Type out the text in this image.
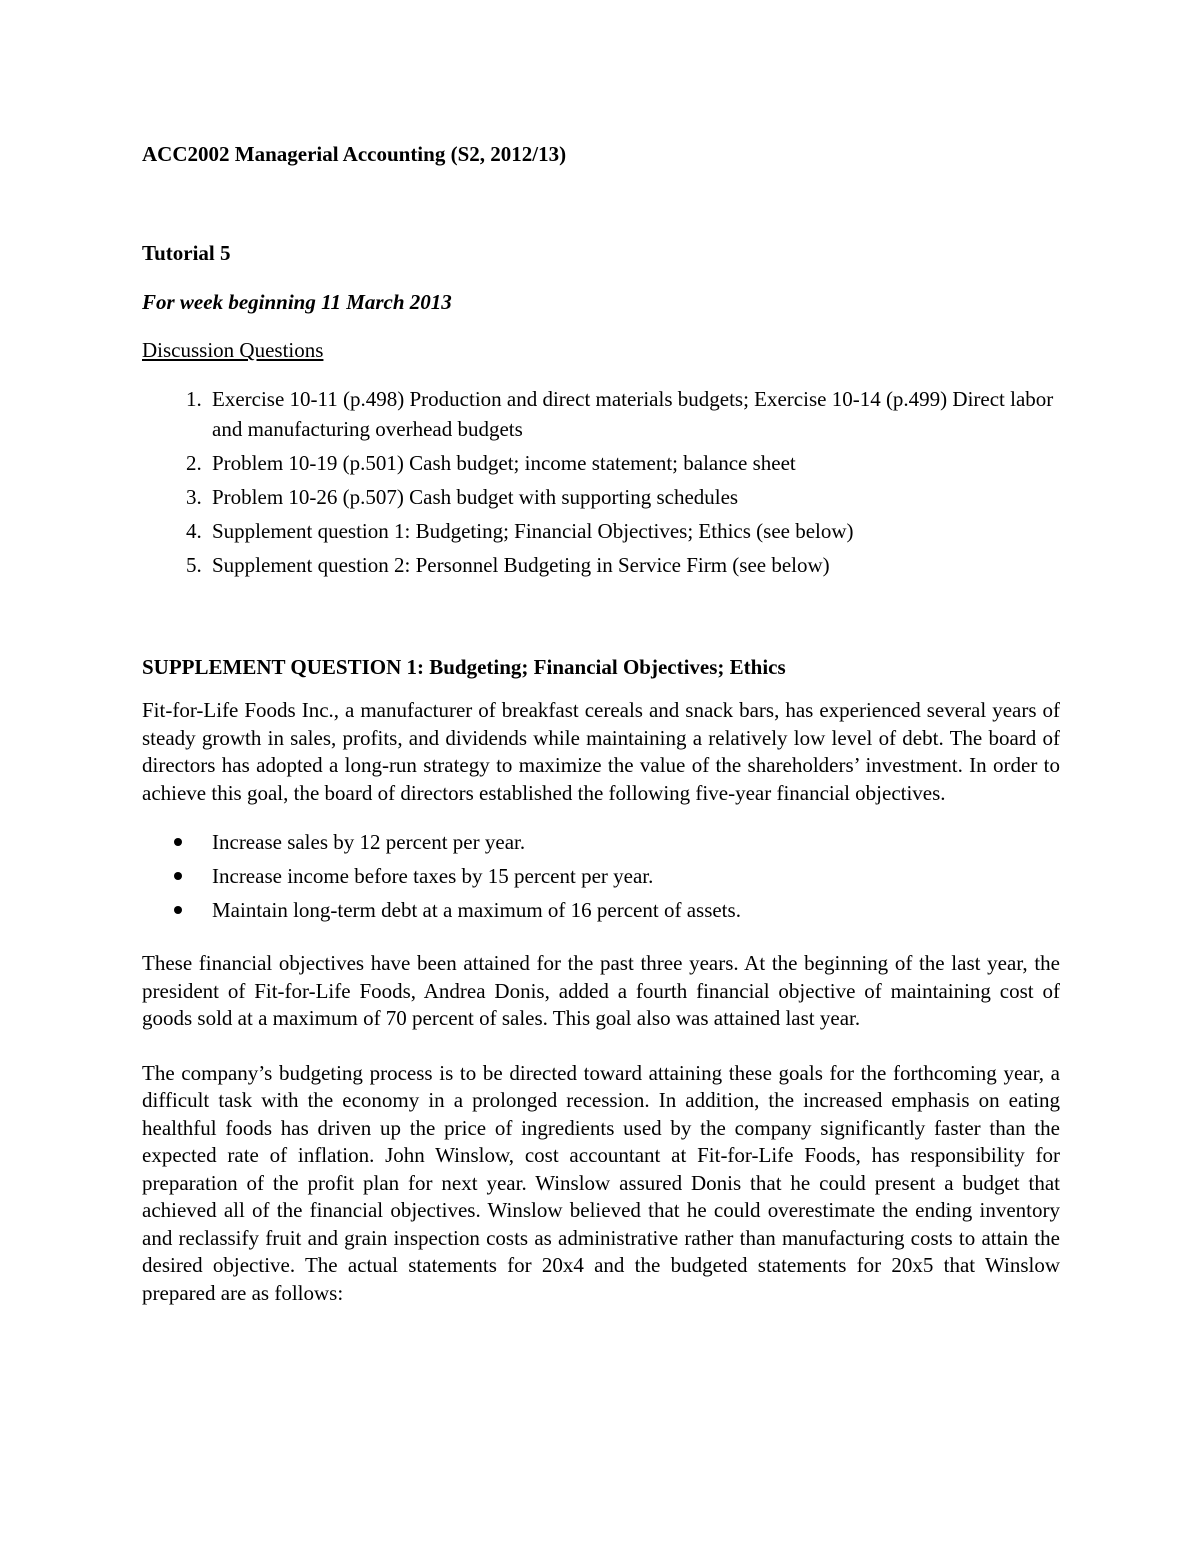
ACC2002 Managerial Accounting (S2, 2012/13)

Tutorial 5

For week beginning 11 March 2013

Discussion Questions

1. Exercise 10-11 (p.498) Production and direct materials budgets; Exercise 10-14 (p.499) Direct labor and manufacturing overhead budgets
2. Problem 10-19 (p.501) Cash budget; income statement; balance sheet
3. Problem 10-26 (p.507) Cash budget with supporting schedules
4. Supplement question 1: Budgeting; Financial Objectives; Ethics (see below)
5. Supplement question 2: Personnel Budgeting in Service Firm (see below)

SUPPLEMENT QUESTION 1: Budgeting; Financial Objectives; Ethics

Fit-for-Life Foods Inc., a manufacturer of breakfast cereals and snack bars, has experienced several years of steady growth in sales, profits, and dividends while maintaining a relatively low level of debt. The board of directors has adopted a long-run strategy to maximize the value of the shareholders’ investment. In order to achieve this goal, the board of directors established the following five-year financial objectives.

Increase sales by 12 percent per year.
Increase income before taxes by 15 percent per year.
Maintain long-term debt at a maximum of 16 percent of assets.

These financial objectives have been attained for the past three years. At the beginning of the last year, the president of Fit-for-Life Foods, Andrea Donis, added a fourth financial objective of maintaining cost of goods sold at a maximum of 70 percent of sales. This goal also was attained last year.

The company’s budgeting process is to be directed toward attaining these goals for the forthcoming year, a difficult task with the economy in a prolonged recession. In addition, the increased emphasis on eating healthful foods has driven up the price of ingredients used by the company significantly faster than the expected rate of inflation. John Winslow, cost accountant at Fit-for-Life Foods, has responsibility for preparation of the profit plan for next year. Winslow assured Donis that he could present a budget that achieved all of the financial objectives. Winslow believed that he could overestimate the ending inventory and reclassify fruit and grain inspection costs as administrative rather than manufacturing costs to attain the desired objective. The actual statements for 20x4 and the budgeted statements for 20x5 that Winslow prepared are as follows:
